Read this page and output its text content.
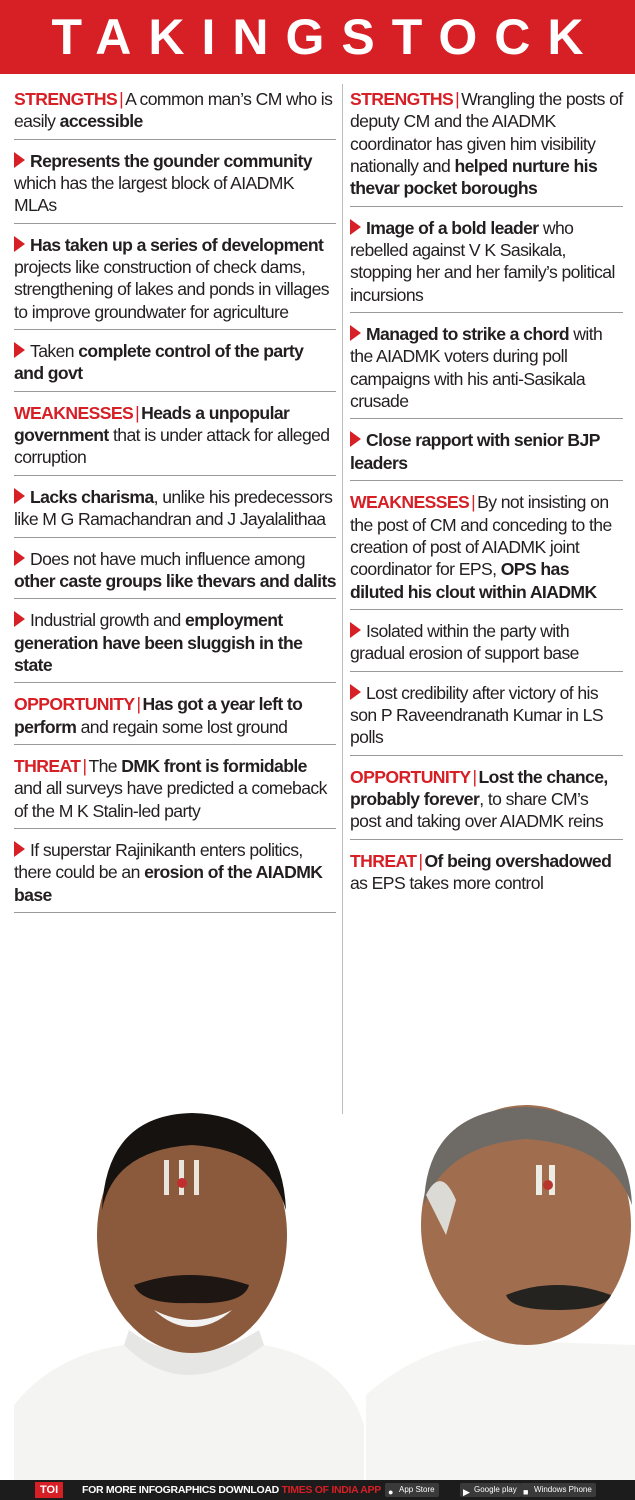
TAKINGSTOCK
STRENGTHS | A common man’s CM who is easily accessible
Represents the gounder community which has the largest block of AIADMK MLAs
Has taken up a series of development projects like construction of check dams, strengthening of lakes and ponds in villages to improve groundwater for agriculture
Taken complete control of the party and govt
WEAKNESSES | Heads a unpopular government that is under attack for alleged corruption
Lacks charisma, unlike his predecessors like M G Ramachandran and J Jayalalithaa
Does not have much influence among other caste groups like thevars and dalits
Industrial growth and employment generation have been sluggish in the state
OPPORTUNITY | Has got a year left to perform and regain some lost ground
THREAT | The DMK front is formidable and all surveys have predicted a comeback of the M K Stalin-led party
If superstar Rajinikanth enters politics, there could be an erosion of the AIADMK base
STRENGTHS | Wrangling the posts of deputy CM and the AIADMK coordinator has given him visibility nationally and helped nurture his thevar pocket boroughs
Image of a bold leader who rebelled against V K Sasikala, stopping her and her family’s political incursions
Managed to strike a chord with the AIADMK voters during poll campaigns with his anti-Sasikala crusade
Close rapport with senior BJP leaders
WEAKNESSES | By not insisting on the post of CM and conceding to the creation of post of AIADMK joint coordinator for EPS, OPS has diluted his clout within AIADMK
Isolated within the party with gradual erosion of support base
Lost credibility after victory of his son P Raveendranath Kumar in LS polls
OPPORTUNITY | Lost the chance, probably forever, to share CM’s post and taking over AIADMK reins
THREAT | Of being overshadowed as EPS takes more control
TOI	FOR MORE INFOGRAPHICS DOWNLOAD TIMES OF INDIA APP ● App Store	▶ Google play ■ Windows Phone
